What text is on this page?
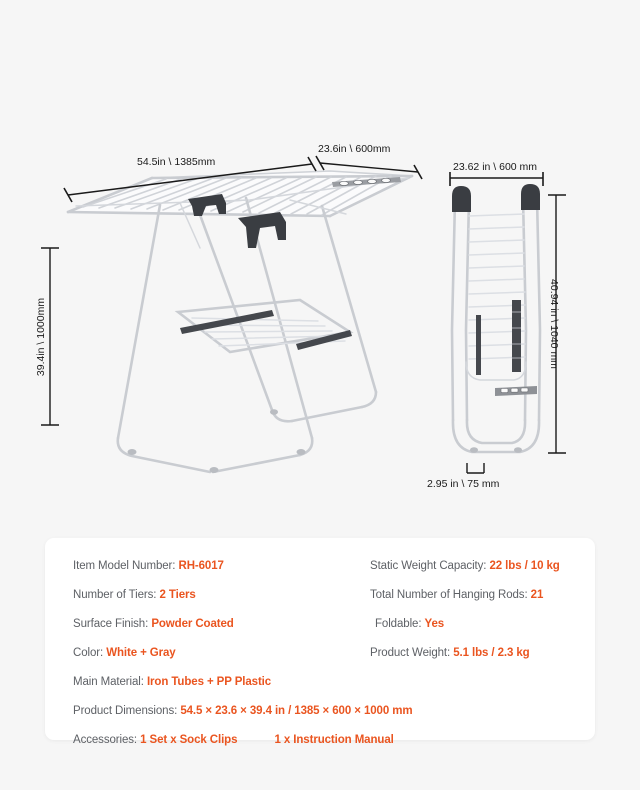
54.5in \ 1385mm
23.6in \ 600mm
39.4in \ 1000mm
23.62 in \ 600 mm
40.94 in \ 1040 mm
2.95 in \ 75 mm
Item Model Number: RH-6017
Number of Tiers: 2 Tiers
Surface Finish: Powder Coated
Color: White + Gray
Main Material: Iron Tubes + PP Plastic
Product Dimensions: 54.5 × 23.6 × 39.4 in / 1385 × 600 × 1000 mm
Accessories: 1 Set x Sock Clips	1 x Instruction Manual
Static Weight Capacity: 22 lbs / 10 kg
Total Number of Hanging Rods: 21
Foldable: Yes
Product Weight: 5.1 lbs / 2.3 kg
